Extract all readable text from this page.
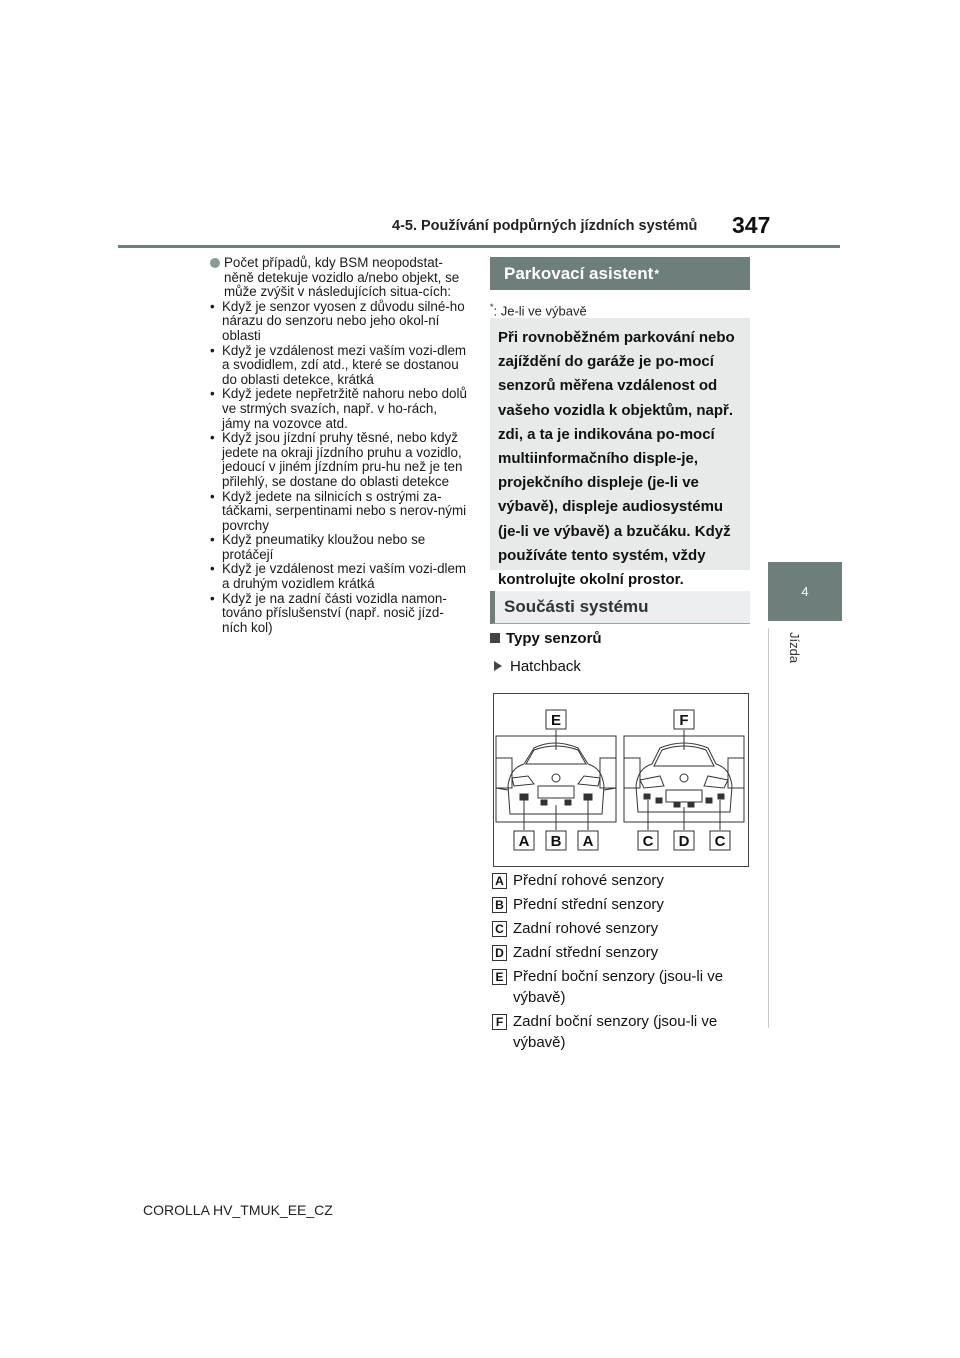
4-5. Používání podpůrných jízdních systémů 347
4
Jízda
Počet případů, kdy BSM neopodstat-něně detekuje vozidlo a/nebo objekt, se může zvýšit v následujících situa-cích:
• Když je senzor vyosen z důvodu silné-ho nárazu do senzoru nebo jeho okol-ní oblasti
• Když je vzdálenost mezi vaším vozi-dlem a svodidlem, zdí atd., které se dostanou do oblasti detekce, krátká
• Když jedete nepřetržitě nahoru nebo dolů ve strmých svazích, např. v ho-rách, jámy na vozovce atd.
• Když jsou jízdní pruhy těsné, nebo když jedete na okraji jízdního pruhu a vozidlo, jedoucí v jiném jízdním pru-hu než je ten přilehlý, se dostane do oblasti detekce
• Když jedete na silnicích s ostrými za-táčkami, serpentinami nebo s nerov-nými povrchy
• Když pneumatiky kloužou nebo se protáčejí
• Když je vzdálenost mezi vaším vozi-dlem a druhým vozidlem krátká
• Když je na zadní části vozidla namon-továno příslušenství (např. nosič jízd-ních kol)
Parkovací asistent *
*: Je-li ve výbavě
Při rovnoběžném parkování nebo zajíždění do garáže je po-mocí senzorů měřena vzdálenost od vašeho vozidla k objektům, např. zdi, a ta je indikována po-mocí multiinformačního disple-je, projekčního displeje (je-li ve výbavě), displeje audiosystému (je-li ve výbavě) a bzučáku. Když používáte tento systém, vždy kontrolujte okolní prostor.
Součásti systému
Typy senzorů
Hatchback
E	F
A B A	C D C
A Přední rohové senzory
B Přední střední senzory
C Zadní rohové senzory
D Zadní střední senzory
E Přední boční senzory (jsou-li ve výbavě)
F Zadní boční senzory (jsou-li ve výbavě)
COROLLA HV_TMUK_EE_CZ
